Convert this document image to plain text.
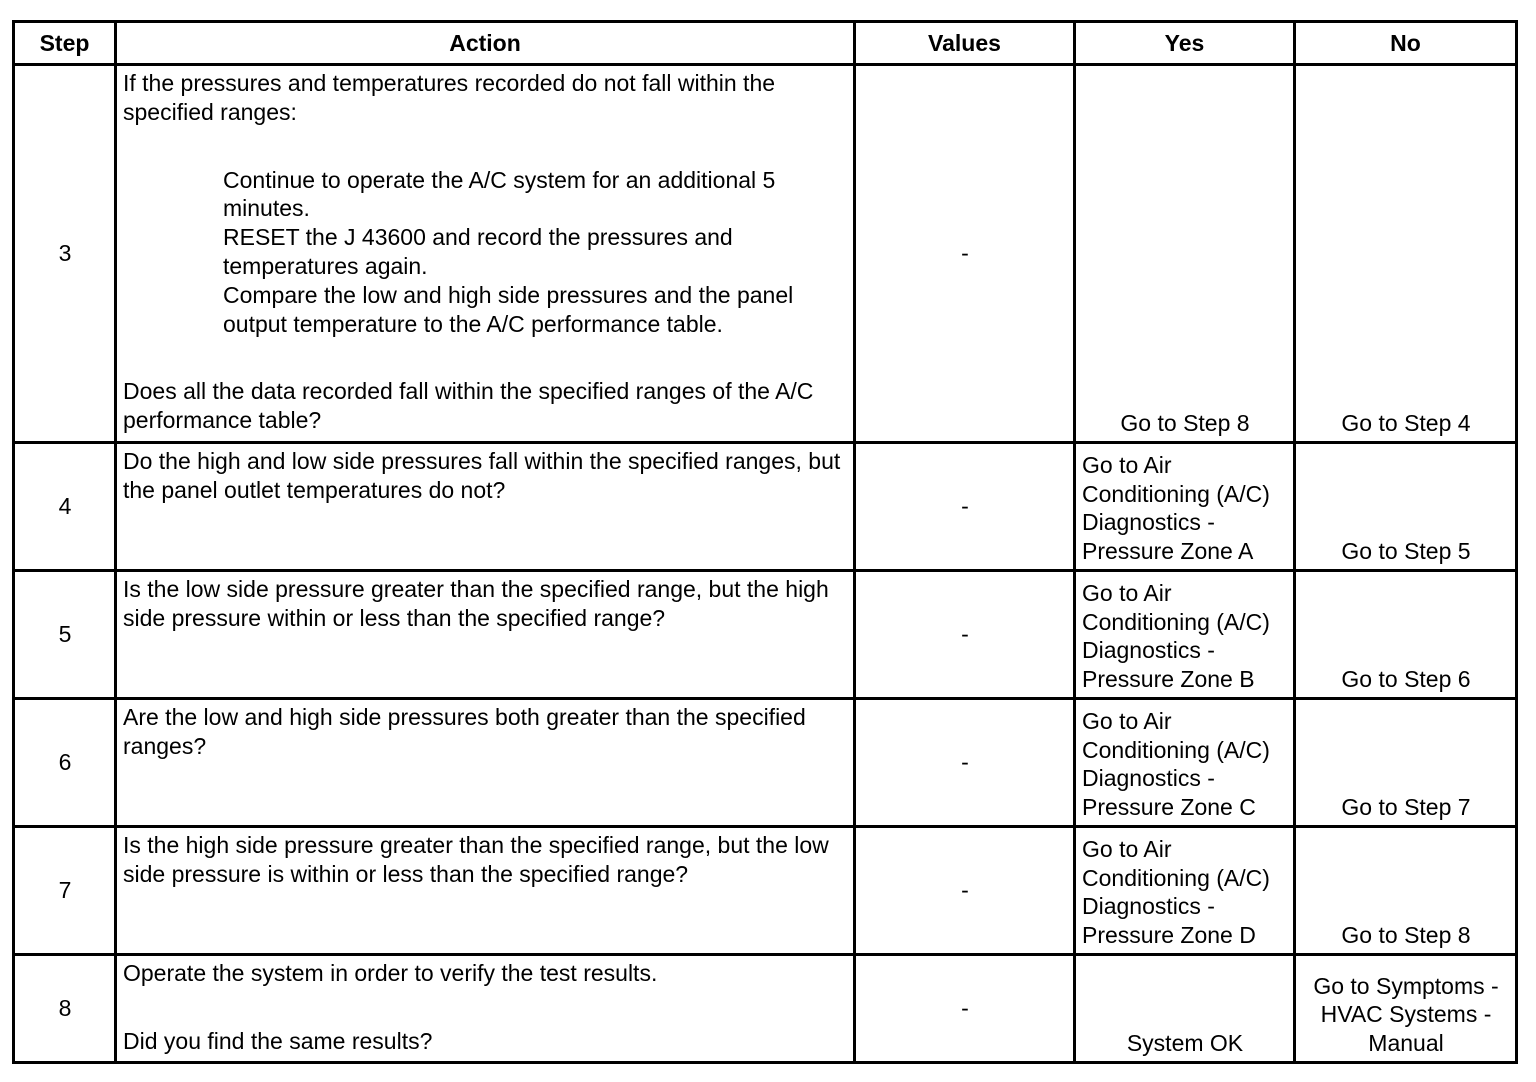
Step	Action	Values	Yes	No
3	If the pressures and temperatures recorded do not fall within the specified ranges:
Continue to operate the A/C system for an additional 5 minutes.
RESET the J 43600 and record the pressures and temperatures again.
Compare the low and high side pressures and the panel output temperature to the A/C performance table.
Does all the data recorded fall within the specified ranges of the A/C performance table?	-	Go to Step 8	Go to Step 4
4	Do the high and low side pressures fall within the specified ranges, but the panel outlet temperatures do not?	-	Go to Air Conditioning (A/C) Diagnostics - Pressure Zone A	Go to Step 5
5	Is the low side pressure greater than the specified range, but the high side pressure within or less than the specified range?	-	Go to Air Conditioning (A/C) Diagnostics - Pressure Zone B	Go to Step 6
6	Are the low and high side pressures both greater than the specified ranges?	-	Go to Air Conditioning (A/C) Diagnostics - Pressure Zone C	Go to Step 7
7	Is the high side pressure greater than the specified range, but the low side pressure is within or less than the specified range?	-	Go to Air Conditioning (A/C) Diagnostics - Pressure Zone D	Go to Step 8
8	Operate the system in order to verify the test results.
Did you find the same results?	-	System OK	Go to Symptoms - HVAC Systems - Manual
